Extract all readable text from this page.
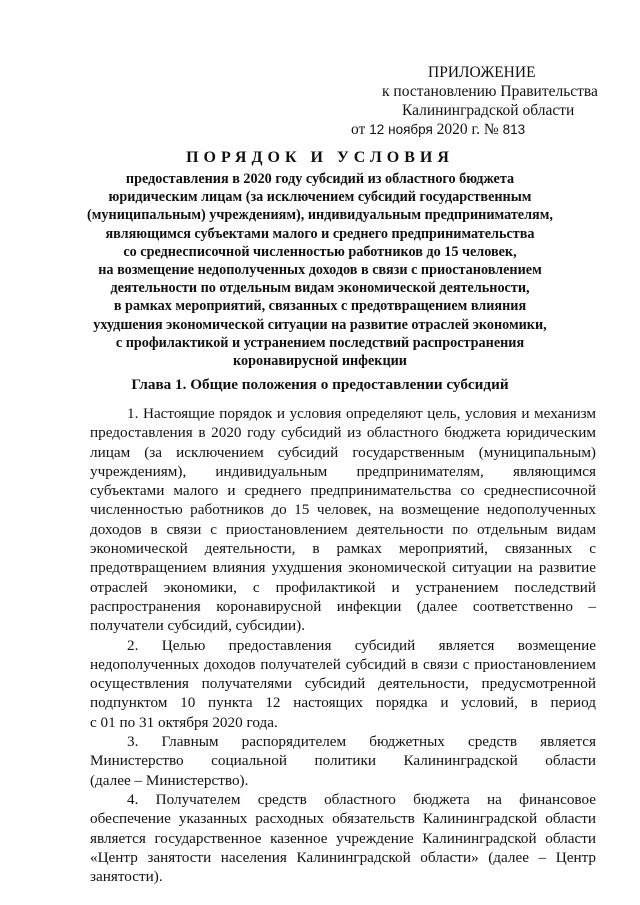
ПРИЛОЖЕНИЕ
к постановлению Правительства
Калининградской области
от 12 ноября 2020 г. № 813
ПОРЯДОК И УСЛОВИЯ
предоставления в 2020 году субсидий из областного бюджета
юридическим лицам (за исключением субсидий государственным
(муниципальным) учреждениям), индивидуальным предпринимателям,
являющимся субъектами малого и среднего предпринимательства
со среднесписочной численностью работников до 15 человек,
на возмещение недополученных доходов в связи с приостановлением
деятельности по отдельным видам экономической деятельности,
в рамках мероприятий, связанных с предотвращением влияния
ухудшения экономической ситуации на развитие отраслей экономики,
с профилактикой и устранением последствий распространения
коронавирусной инфекции
Глава 1. Общие положения о предоставлении субсидий
1. Настоящие порядок и условия определяют цель, условия и механизм
предоставления в 2020 году субсидий из областного бюджета юридическим
лицам (за исключением субсидий государственным (муниципальным)
учреждениям), индивидуальным предпринимателям, являющимся
субъектами малого и среднего предпринимательства со среднесписочной
численностью работников до 15 человек, на возмещение недополученных
доходов в связи с приостановлением деятельности по отдельным видам
экономической деятельности, в рамках мероприятий, связанных с
предотвращением влияния ухудшения экономической ситуации на развитие
отраслей экономики, с профилактикой и устранением последствий
распространения коронавирусной инфекции (далее соответственно –
получатели субсидий, субсидии).
2. Целью предоставления субсидий является возмещение
недополученных доходов получателей субсидий в связи с приостановлением
осуществления получателями субсидий деятельности, предусмотренной
подпунктом 10 пункта 12 настоящих порядка и условий, в период
с 01 по 31 октября 2020 года.
3. Главным распорядителем бюджетных средств является
Министерство социальной политики Калининградской области
(далее – Министерство).
4. Получателем средств областного бюджета на финансовое
обеспечение указанных расходных обязательств Калининградской области
является государственное казенное учреждение Калининградской области
«Центр занятости населения Калининградской области» (далее – Центр
занятости).
